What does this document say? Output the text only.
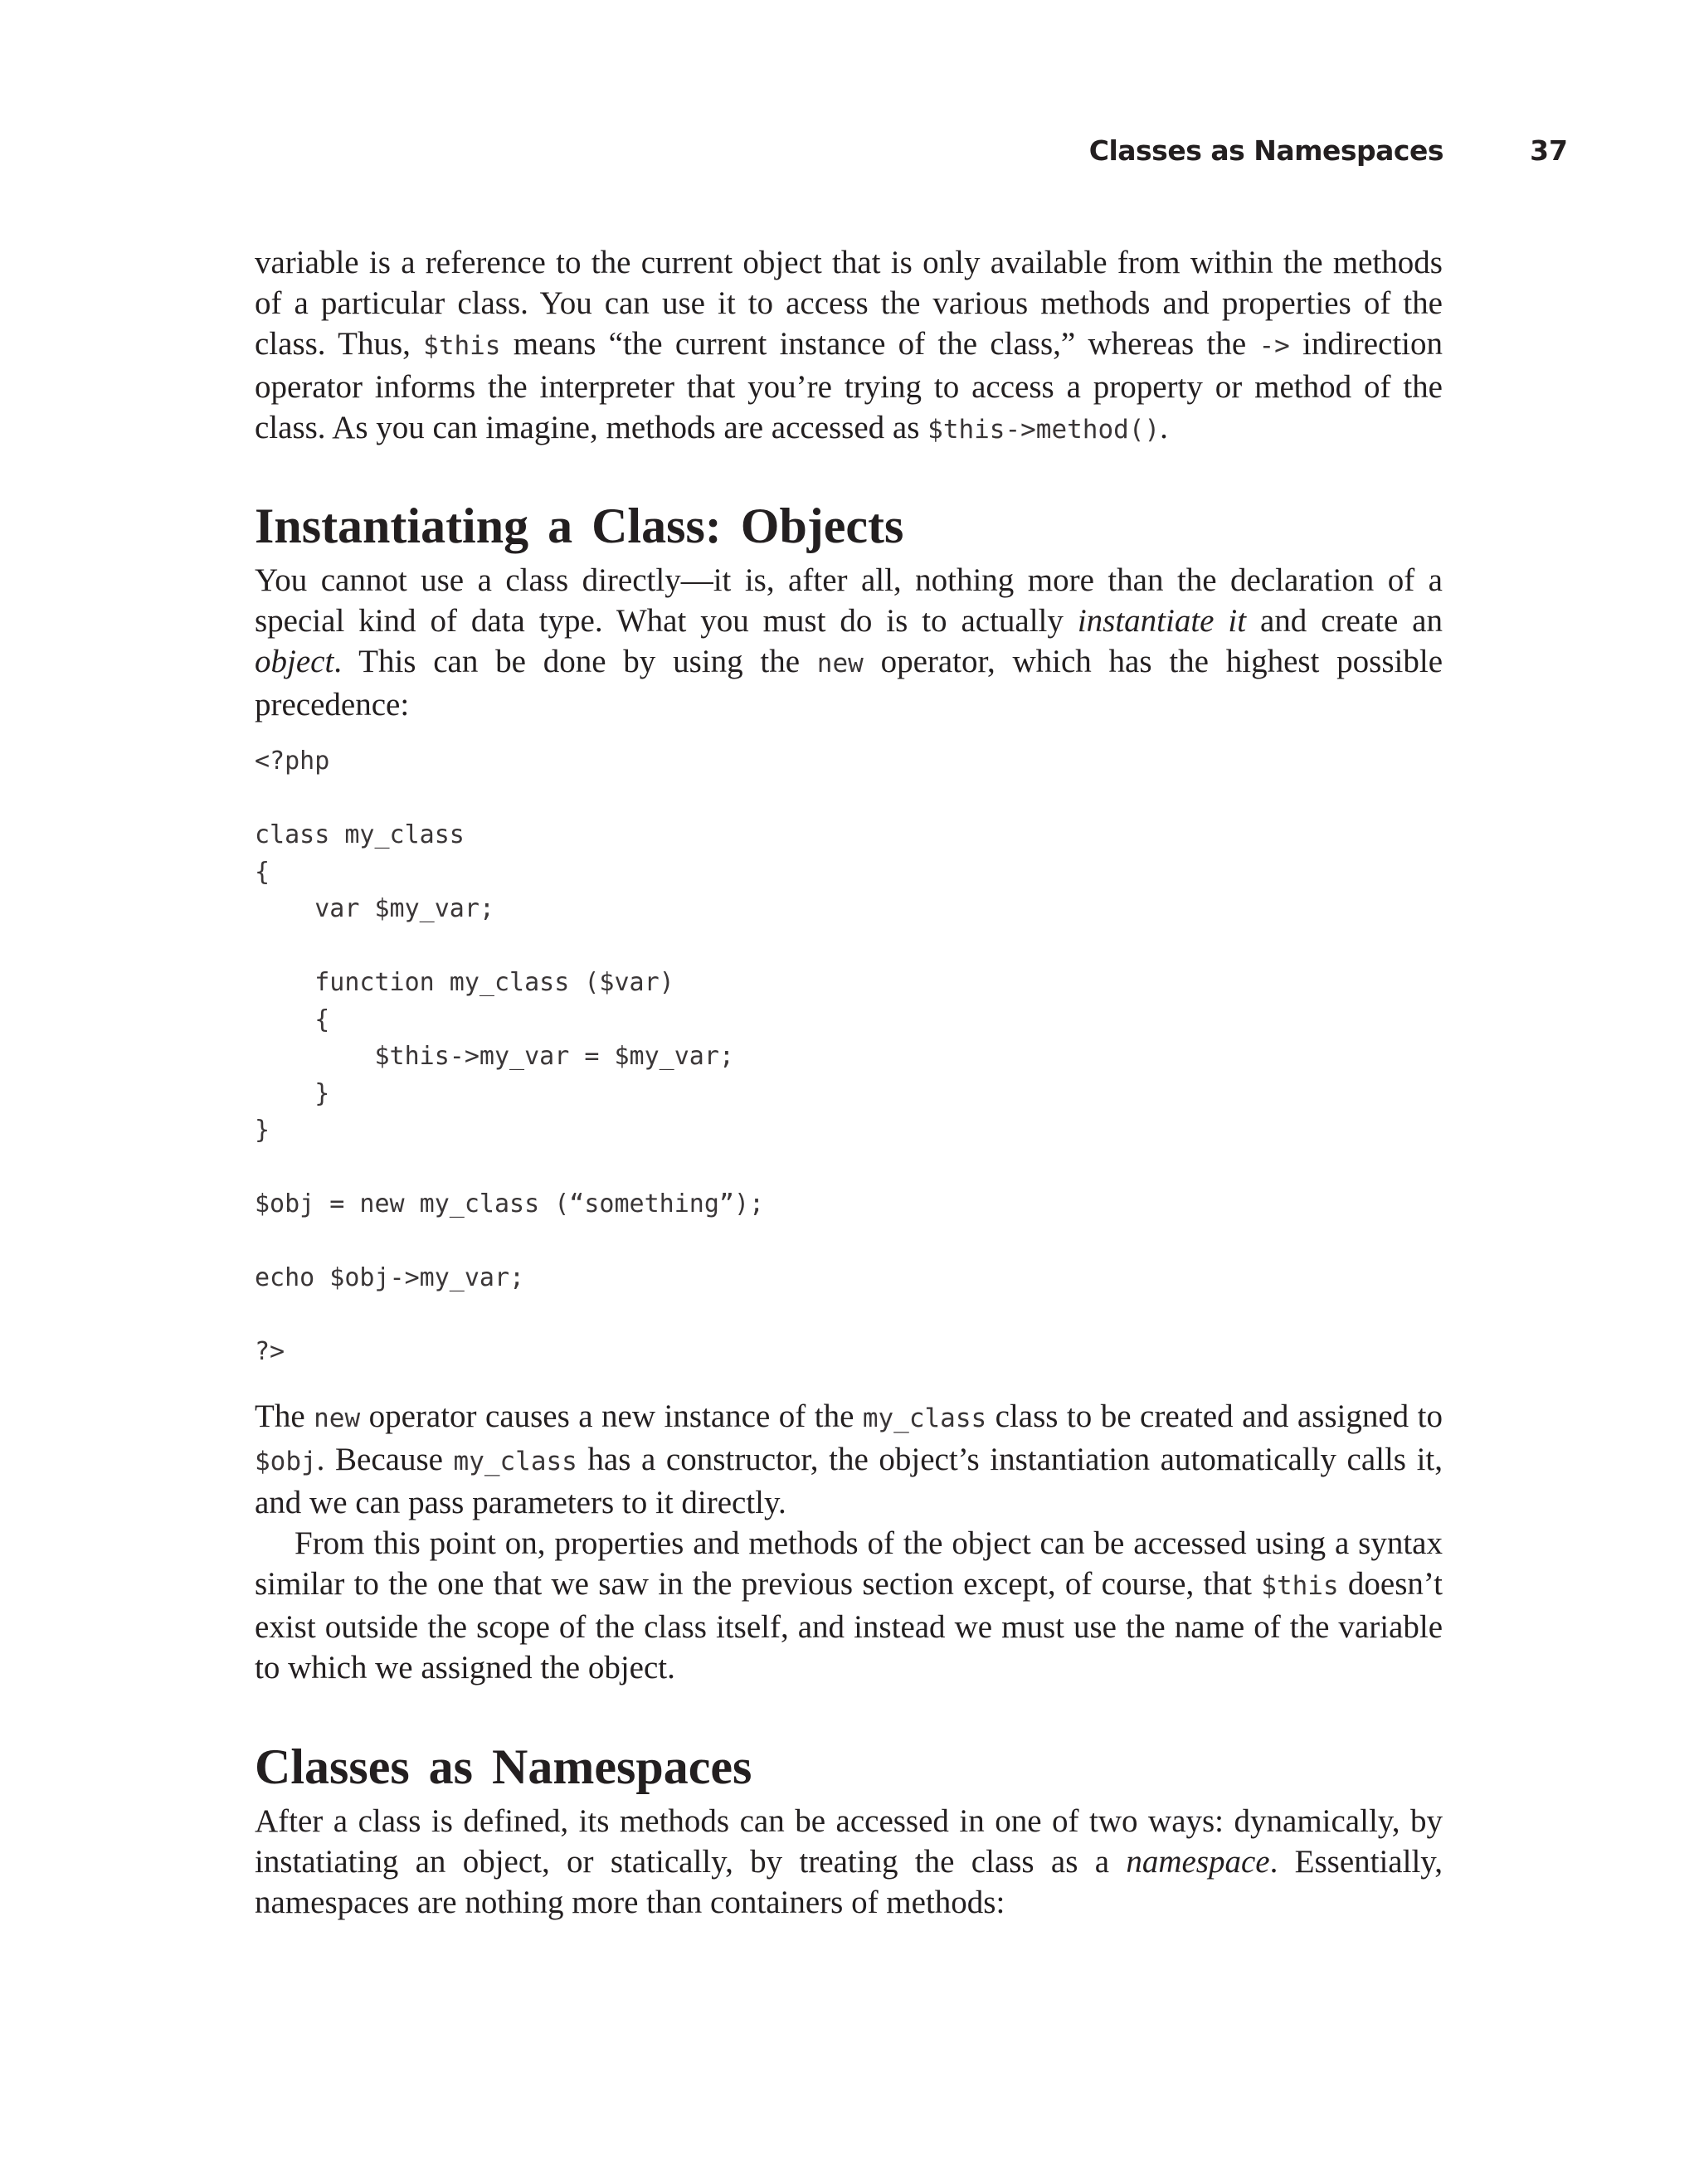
Classes as Namespaces	37

variable is a reference to the current object that is only available from within the methods of a particular class. You can use it to access the various methods and properties of the class. Thus, $this means “the current instance of the class,” whereas the -> indirection operator informs the interpreter that you’re trying to access a property or method of the class. As you can imagine, methods are accessed as $this->method().

Instantiating a Class: Objects

You cannot use a class directly—it is, after all, nothing more than the declaration of a special kind of data type. What you must do is to actually instantiate it and create an object. This can be done by using the new operator, which has the highest possible precedence:

<?php

class my_class
{
var $my_var;

function my_class ($var)
{
$this->my_var = $my_var;
}
}

$obj = new my_class (“something”);

echo $obj->my_var;

?>

The new operator causes a new instance of the my_class class to be created and assigned to $obj. Because my_class has a constructor, the object’s instantiation automatically calls it, and we can pass parameters to it directly.

From this point on, properties and methods of the object can be accessed using a syntax similar to the one that we saw in the previous section except, of course, that $this doesn’t exist outside the scope of the class itself, and instead we must use the name of the variable to which we assigned the object.

Classes as Namespaces

After a class is defined, its methods can be accessed in one of two ways: dynamically, by instatiating an object, or statically, by treating the class as a namespace. Essentially, namespaces are nothing more than containers of methods:
